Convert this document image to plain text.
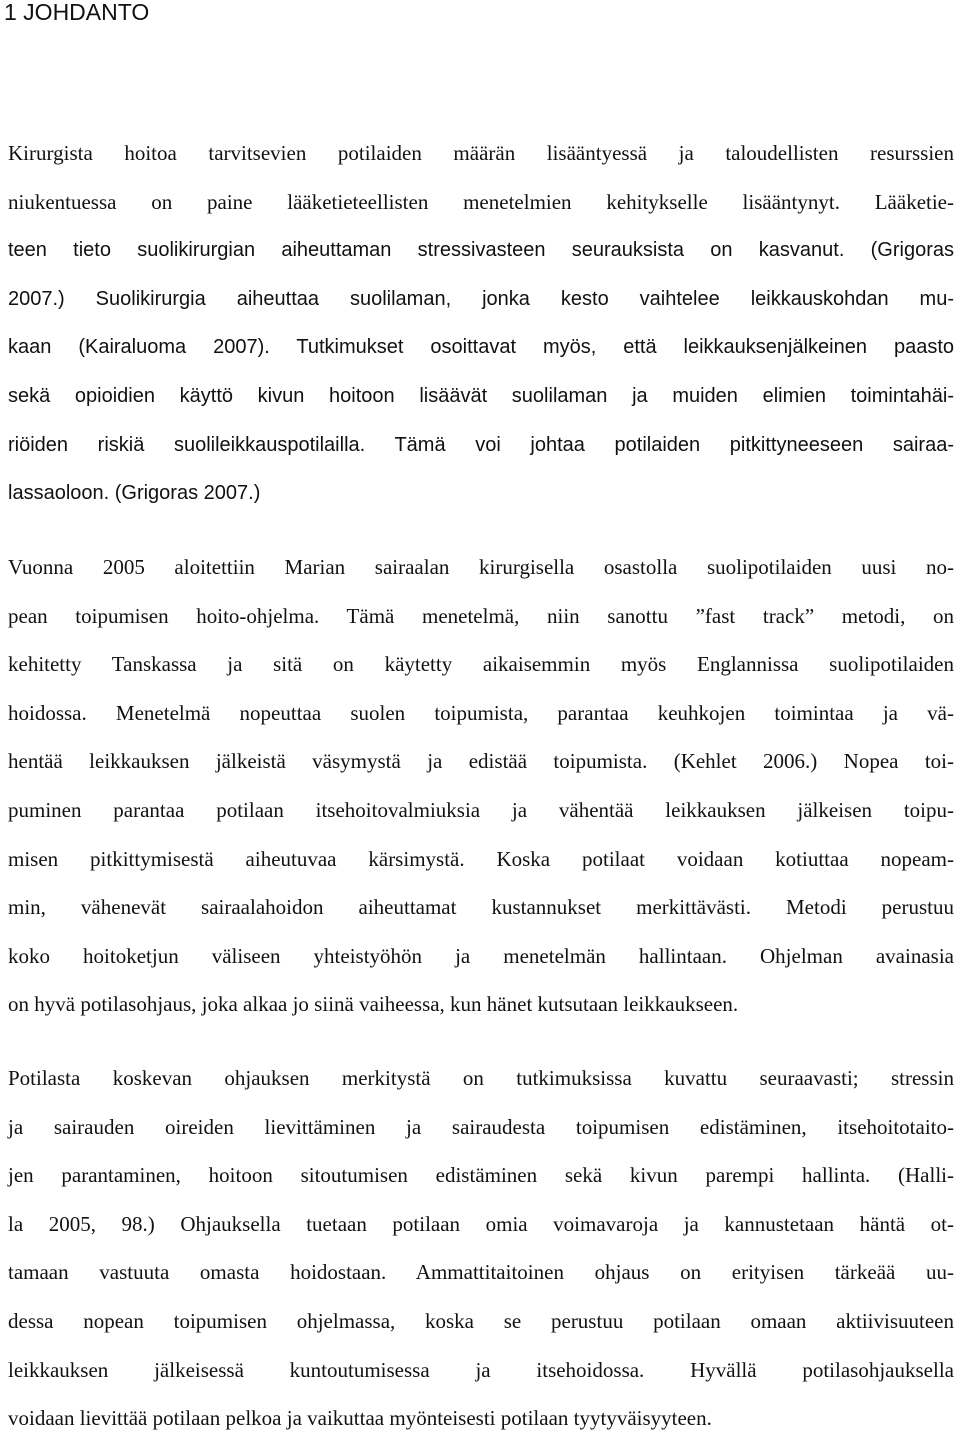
1 JOHDANTO
Kirurgista hoitoa tarvitsevien potilaiden määrän lisääntyessä ja taloudellisten resurssien
niukentuessa on paine lääketieteellisten menetelmien kehitykselle lisääntynyt. Lääketie-
teen tieto suolikirurgian aiheuttaman stressivasteen seurauksista on kasvanut. (Grigoras
2007.) Suolikirurgia aiheuttaa suolilaman, jonka kesto vaihtelee leikkauskohdan mu-
kaan (Kairaluoma 2007). Tutkimukset osoittavat myös, että leikkauksenjälkeinen paasto
sekä opioidien käyttö kivun hoitoon lisäävät suolilaman ja muiden elimien toimintahäi-
riöiden riskiä suolileikkauspotilailla. Tämä voi johtaa potilaiden pitkittyneeseen sairaa-
lassaoloon. (Grigoras 2007.)
Vuonna 2005 aloitettiin Marian sairaalan kirurgisella osastolla suolipotilaiden uusi no-
pean toipumisen hoito-ohjelma. Tämä menetelmä, niin sanottu ”fast track” metodi, on
kehitetty Tanskassa ja sitä on käytetty aikaisemmin myös Englannissa suolipotilaiden
hoidossa. Menetelmä nopeuttaa suolen toipumista, parantaa keuhkojen toimintaa ja vä-
hentää leikkauksen jälkeistä väsymystä ja edistää toipumista. (Kehlet 2006.) Nopea toi-
puminen parantaa potilaan itsehoitovalmiuksia ja vähentää leikkauksen jälkeisen toipu-
misen pitkittymisestä aiheutuvaa kärsimystä. Koska potilaat voidaan kotiuttaa nopeam-
min, vähenevät sairaalahoidon aiheuttamat kustannukset merkittävästi. Metodi perustuu
koko hoitoketjun väliseen yhteistyöhön ja menetelmän hallintaan. Ohjelman avainasia
on hyvä potilasohjaus, joka alkaa jo siinä vaiheessa, kun hänet kutsutaan leikkaukseen.
Potilasta koskevan ohjauksen merkitystä on tutkimuksissa kuvattu seuraavasti; stressin
ja sairauden oireiden lievittäminen ja sairaudesta toipumisen edistäminen, itsehoitotaito-
jen parantaminen, hoitoon sitoutumisen edistäminen sekä kivun parempi hallinta. (Halli-
la 2005, 98.) Ohjauksella tuetaan potilaan omia voimavaroja ja kannustetaan häntä ot-
tamaan vastuuta omasta hoidostaan. Ammattitaitoinen ohjaus on erityisen tärkeää uu-
dessa nopean toipumisen ohjelmassa, koska se perustuu potilaan omaan aktiivisuuteen
leikkauksen jälkeisessä kuntoutumisessa ja itsehoidossa. Hyvällä potilasohjauksella
voidaan lievittää potilaan pelkoa ja vaikuttaa myönteisesti potilaan tyytyväisyyteen.
